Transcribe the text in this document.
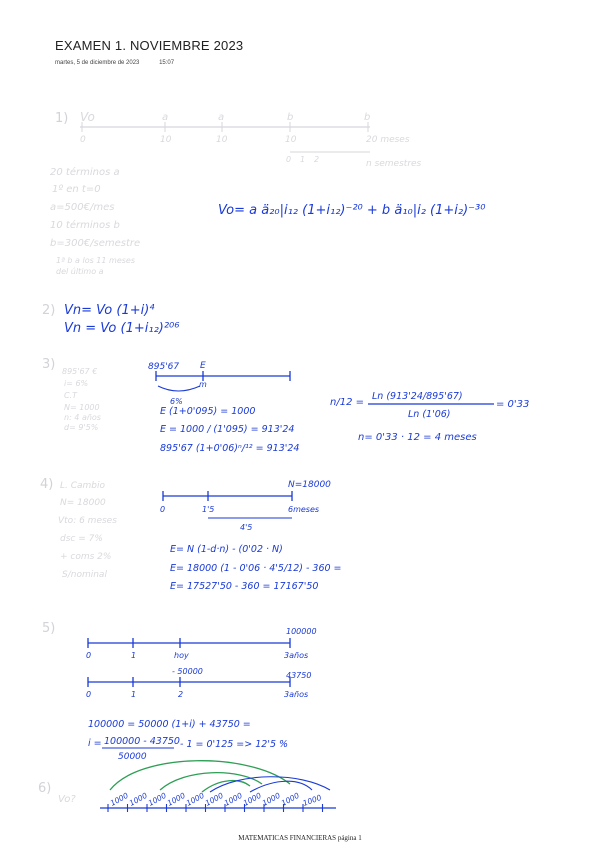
EXAMEN 1. NOVIEMBRE 2023
martes, 5 de diciembre de 2023	15:07
1) Vo	a	a	b	b
0	10	10	10	20 meses
0 1 2	n semestres
20 términos a
1º en t=0
a=500€/mes
10 términos b
b=300€/semestre
1ª b a los 11 meses
del último a
Vo= a ä₂₀|i₁₂ (1+i₁₂)⁻²⁰ + b ä₁₀|i₂ (1+i₂)⁻³⁰
2) Vn= Vo (1+i)⁴
Vn = Vo (1+i₁₂)²⁰⁶
3) 895'67 €
i= 6%
C.T
N= 1000
n: 4 años
d= 9'5%
895'67 E
m
6%
E (1+0'095) = 1000
E = 1000 / (1'095) = 913'24
895'67 (1+0'06)ⁿ/¹² = 913'24
n/12 =
Ln (913'24/895'67)
Ln (1'06)
= 0'33
n= 0'33 · 12 = 4 meses
4) L. Cambio
N= 18000
Vto: 6 meses
dsc = 7%
+ coms 2%
S/nominal
N=18000
0	1'5	6meses
4'5
E= N (1-d·n) - (0'02 · N)
E= 18000 (1 - 0'06 · 4'5/12) - 360 =
E= 17527'50 - 360 = 17167'50
5)	100000
0	1	hoy	3años
- 50000	43750
0	1	2	3años
100000 = 50000 (1+i) + 43750 =
i = 100000 - 43750
50000
- 1 = 0'125 => 12'5 %
6)
Vo?	1000
1000
1000
1000
1000
1000
1000
1000
1000
1000 1000
MATEMATICAS FINANCIERAS página 1
